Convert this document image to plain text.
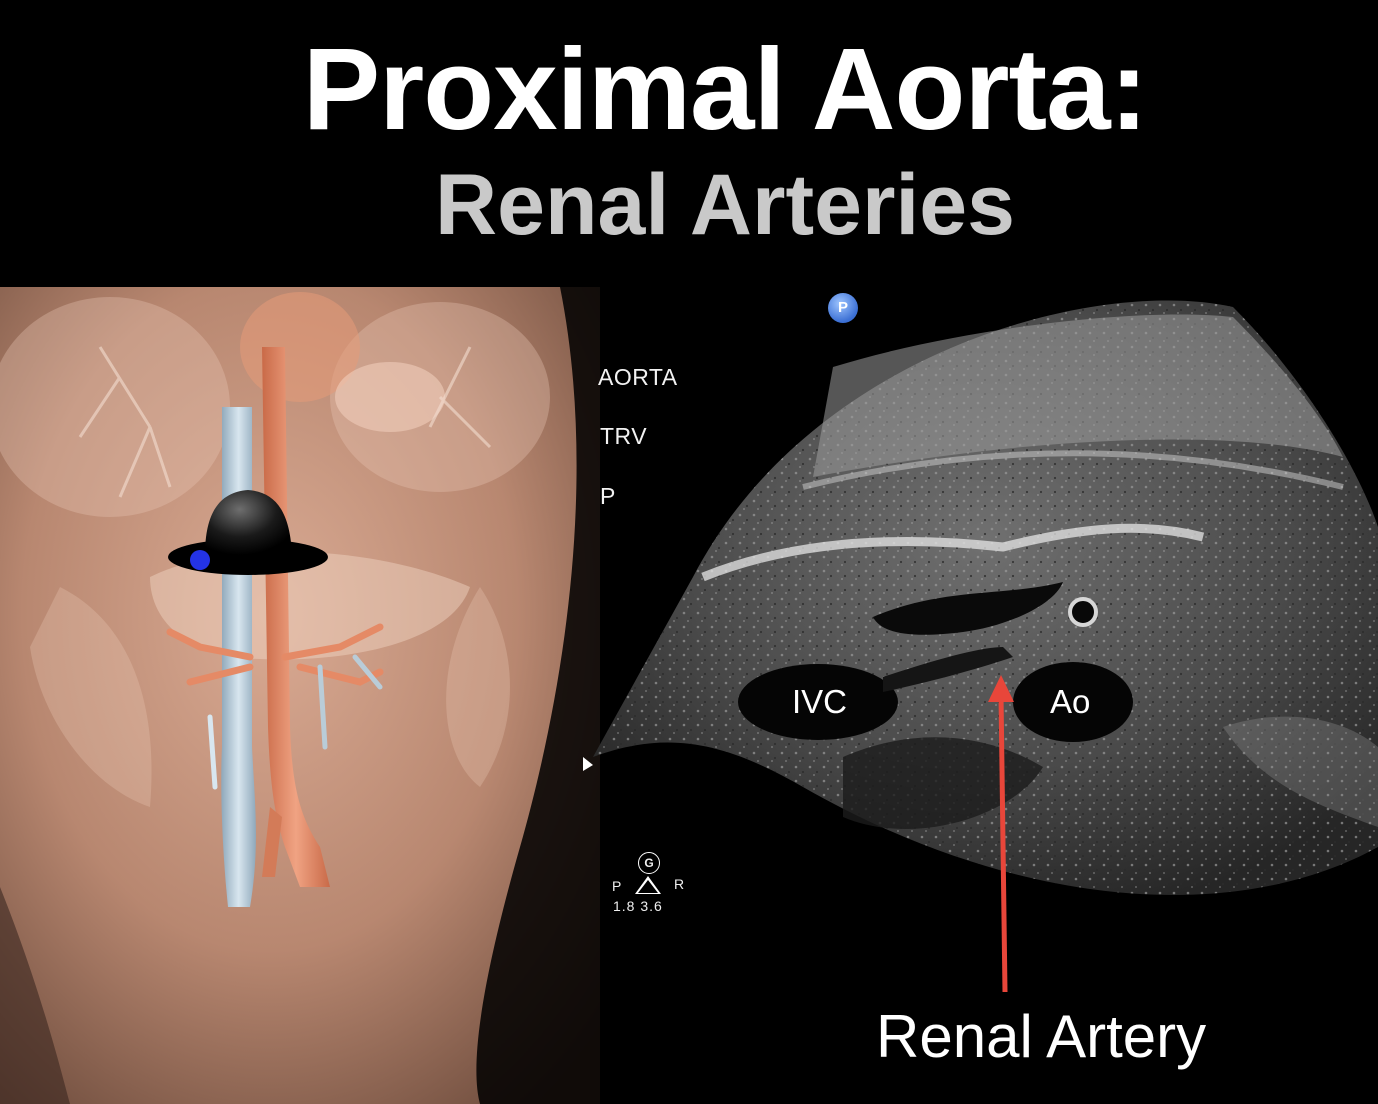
Proximal Aorta:
Renal Arteries
P
AORTA
TRV
P
IVC	Ao
G
P	R
1.8 3.6
Renal Artery
